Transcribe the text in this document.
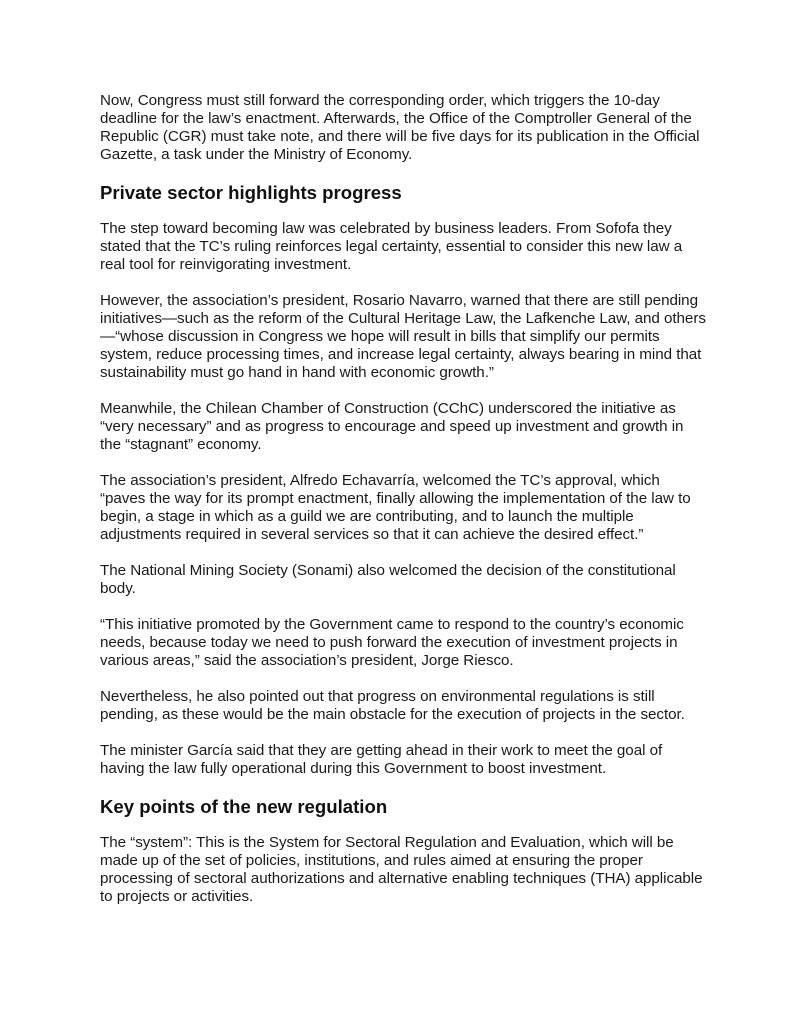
Now, Congress must still forward the corresponding order, which triggers the 10-day deadline for the law’s enactment. Afterwards, the Office of the Comptroller General of the Republic (CGR) must take note, and there will be five days for its publication in the Official Gazette, a task under the Ministry of Economy.

Private sector highlights progress

The step toward becoming law was celebrated by business leaders. From Sofofa they stated that the TC’s ruling reinforces legal certainty, essential to consider this new law a real tool for reinvigorating investment.

However, the association’s president, Rosario Navarro, warned that there are still pending initiatives—such as the reform of the Cultural Heritage Law, the Lafkenche Law, and others—“whose discussion in Congress we hope will result in bills that simplify our permits system, reduce processing times, and increase legal certainty, always bearing in mind that sustainability must go hand in hand with economic growth.”

Meanwhile, the Chilean Chamber of Construction (CChC) underscored the initiative as “very necessary” and as progress to encourage and speed up investment and growth in the “stagnant” economy.

The association’s president, Alfredo Echavarría, welcomed the TC’s approval, which “paves the way for its prompt enactment, finally allowing the implementation of the law to begin, a stage in which as a guild we are contributing, and to launch the multiple adjustments required in several services so that it can achieve the desired effect.”

The National Mining Society (Sonami) also welcomed the decision of the constitutional body.

“This initiative promoted by the Government came to respond to the country’s economic needs, because today we need to push forward the execution of investment projects in various areas,” said the association’s president, Jorge Riesco.

Nevertheless, he also pointed out that progress on environmental regulations is still pending, as these would be the main obstacle for the execution of projects in the sector.

The minister García said that they are getting ahead in their work to meet the goal of having the law fully operational during this Government to boost investment.

Key points of the new regulation

The “system”: This is the System for Sectoral Regulation and Evaluation, which will be made up of the set of policies, institutions, and rules aimed at ensuring the proper processing of sectoral authorizations and alternative enabling techniques (THA) applicable to projects or activities.
